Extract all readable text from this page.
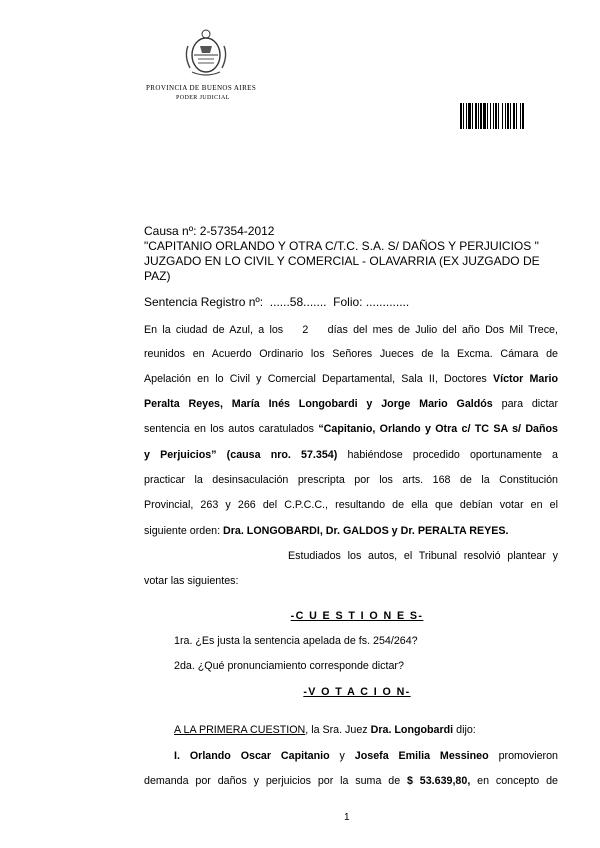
PROVINCIA DE BUENOS AIRES
PODER JUDICIAL
Causa nº: 2-57354-2012
"CAPITANIO ORLANDO Y OTRA C/T.C. S.A. S/ DAÑOS Y PERJUICIOS "
JUZGADO EN LO CIVIL Y COMERCIAL - OLAVARRIA (EX JUZGADO DE
PAZ)
Sentencia Registro nº: ......58....... Folio: .............
En la ciudad de Azul, a los 2 días del mes de Julio del año Dos Mil Trece,
reunidos en Acuerdo Ordinario los Señores Jueces de la Excma. Cámara de
Apelación en lo Civil y Comercial Departamental, Sala II, Doctores Víctor Mario
Peralta Reyes, María Inés Longobardi y Jorge Mario Galdós para dictar
sentencia en los autos caratulados “Capitanio, Orlando y Otra c/ TC SA s/ Daños
y Perjuicios” (causa nro. 57.354) habiéndose procedido oportunamente a
practicar la desinsaculación prescripta por los arts. 168 de la Constitución
Provincial, 263 y 266 del C.P.C.C., resultando de ella que debían votar en el
siguiente orden: Dra. LONGOBARDI, Dr. GALDOS y Dr. PERALTA REYES.
Estudiados los autos, el Tribunal resolvió plantear y
votar las siguientes:
-C U E S T I O N E S-
1ra. ¿Es justa la sentencia apelada de fs. 254/264?
2da. ¿Qué pronunciamiento corresponde dictar?
-V O T A C I O N-
A LA PRIMERA CUESTION, la Sra. Juez Dra. Longobardi dijo:
I. Orlando Oscar Capitanio y Josefa Emilia Messineo promovieron
demanda por daños y perjuicios por la suma de $ 53.639,80, en concepto de
1
